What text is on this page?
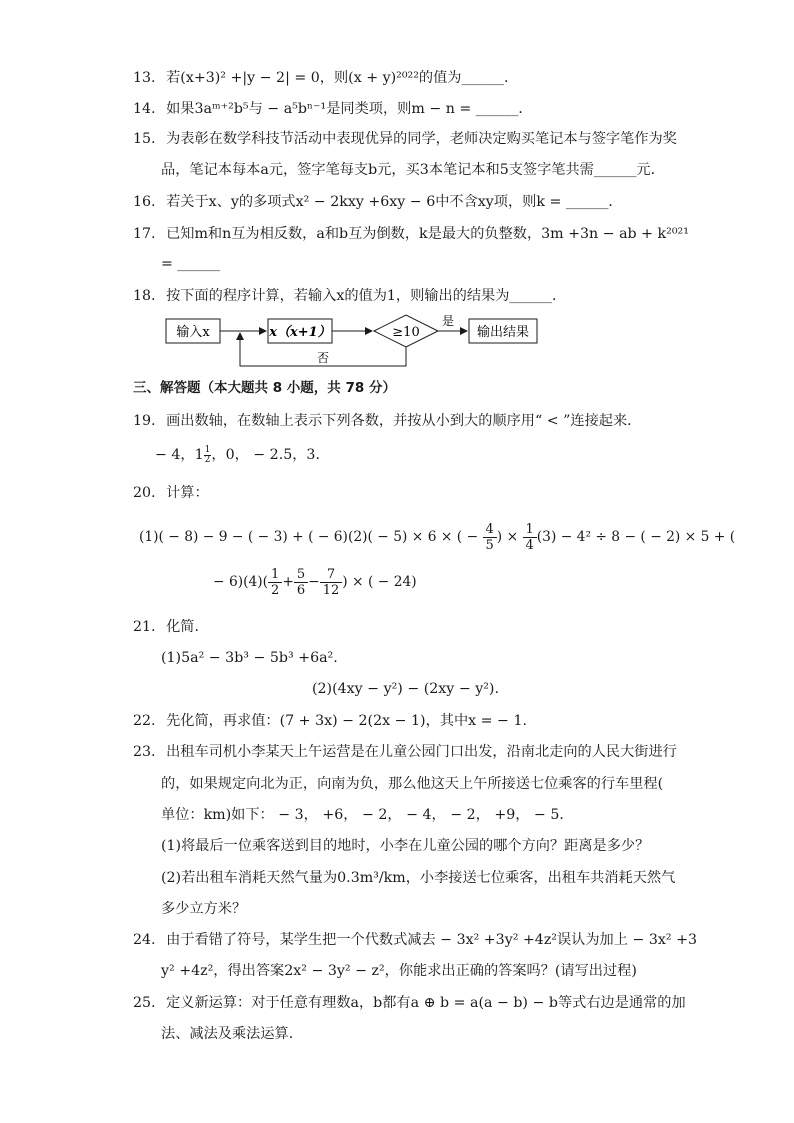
13. 若(x+3)² +|y − 2| = 0，则(x + y)²⁰²²的值为______．
14. 如果3aᵐ⁺²b⁵与 − a⁵bⁿ⁻¹是同类项，则m − n = ______．
15. 为表彰在数学科技节活动中表现优异的同学，老师决定购买笔记本与签字笔作为奖
品，笔记本每本a元，签字笔每支b元，买3本笔记本和5支签字笔共需______元．
16. 若关于x、y的多项式x² − 2kxy +6xy − 6中不含xy项，则k = ______．
17. 已知m和n互为相反数，a和b互为倒数，k是最大的负整数，3m +3n − ab + k²⁰²¹
= ______
18. 按下面的程序计算，若输入x的值为1，则输出的结果为______．
输入x	x（x+1）	≥10
是
输出结果
否
三、解答题（本大题共 8 小题，共 78 分）
19. 画出数轴，在数轴上表示下列各数，并按从小到大的顺序用“ < ”连接起来．
− 4，$1 \frac{1}{2}$ ，0， − 2.5，3．
20. 计算：
(1)( − 8) − 9 − ( − 3) + ( − 6)(2)( − 5) × 6 × ( − $\frac{4}{5}$ ) × $\frac{1}{4} (3) - 4^2 \div 8$ − ( − 2) × 5 + (
− $6)(4)( \frac{1}{2} + \frac{5}{6} - \frac{7}{12}$ ) × ( − 24)
21. 化简．
(1)5a² − 3b³ − 5b³ +6a².
(2)(4xy − y²) − (2xy − y²).
22. 先化简，再求值：(7 + 3x) − 2(2x − 1)，其中x = − 1.
23. 出租车司机小李某天上午运营是在儿童公园门口出发，沿南北走向的人民大街进行
的，如果规定向北为正，向南为负，那么他这天上午所接送七位乘客的行车里程(
单位：km)如下： − 3， +6， − 2， − 4， − 2， +9， − 5．
(1)将最后一位乘客送到目的地时，小李在儿童公园的哪个方向？距离是多少？
(2)若出租车消耗天然气量为0.3m³/km，小李接送七位乘客，出租车共消耗天然气
多少立方米？
24. 由于看错了符号，某学生把一个代数式减去 − 3x² +3y² +4z²误认为加上 − 3x² +3
y² +4z²，得出答案2x² − 3y² − z²，你能求出正确的答案吗？(请写出过程)
25. 定义新运算：对于任意有理数a，b都有a ⊕ b = a(a − b) − b等式右边是通常的加
法、减法及乘法运算．
